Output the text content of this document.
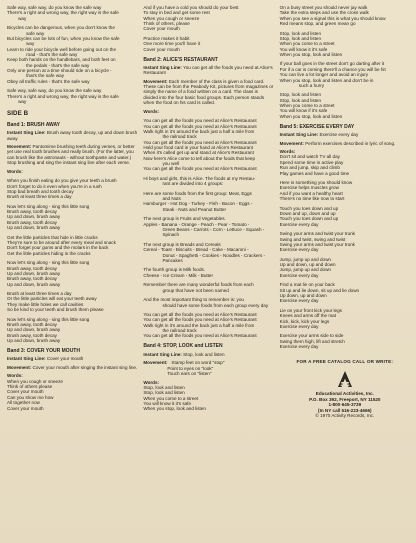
Safe way, safe way, do you know the safe way

There's a right and wrong way, the right way is the safe

way

Bicycles can be dangerous, when you don't know the

safe way

But bicycles can be lots of fun, when you know the safe

way

Learn to ride your bicycle well before going out on the

road - that's the safe way

Keep both hands on the handlebars, and both feet on

the pedals - that's the safe way

Only one person at a time should ride on a bicycle -

that's the safe way

Obey all traffic rules - that's the safe way

Safe way, safe way, do you know the safe way

There's a right and wrong way, the right way is the safe

way

SIDE B

Band 1: BRUSH AWAY

Instant Sing Line: Brush away tooth decay, up and down brush away

Movement: Pantomime brushing teeth during verses, or better yet use real tooth brushes and really brush. (For the latter, you can brush like the astronauts - without toothpaste and water.) Stop brushing and sing the instant sing line after each verse.

Words:

When you finish eating do you give your teeth a brush

Don't forget to do it even when you're in a rush

Stop bad breath and tooth decay

Brush at least three times a day

Now let's sing along - sing this little song

Brush away, tooth decay

Up and down, brush away

Brush away, tooth decay

Up and down, brush away

Get the little particles that hide in little cracks

They're sure to be around after every meal and snack

Don't forget your gums and the molars in the back

Get the little particles hiding in the cracks

Now let's sing along - sing this little song

Brush away, tooth decay

Up and down, brush away

Brush away, tooth decay

Up and down, brush away

Brush at least three times a day

Or the little particles will eat your teeth away

They make little holes we call cavities

So be kind to your teeth and brush them please

Now let's sing along - sing this little song

Brush away, tooth decay

Up and down, brush away

Brush away, tooth decay

Up and down, brush away

Band 3: COVER YOUR MOUTH

Instant Sing Line: Cover your mouth

Movement: Cover your mouth after singing the instant sing line.

Words:

When you cough or sneeze

Think of others please

Cover your mouth

Can you show me how

All together now

Cover your mouth

And if you have a cold you should do your best

To stay in bed and get some rest

When you cough or sneeze

Think of others, please

Cover your mouth

Practice makes it habit

One more time you'll have it

Cover your mouth

Band 2: ALICE'S RESTAURANT

Instant Sing Line: You can get all the foods you need at Alice's Restaurant

Movement: Each member of the class is given a food card. These can be from the Peabody Kit, pictures from magazines or simply the name of a food written on a card. The class is divided into the four basic food groups. Each person stands when the food on his card is called.

Words:

You can get all the foods you need at Alice's Restaurant

You can get all the foods you need at Alice's Restaurant

Walk right in it's around the back just a half a mile from

the railroad track

You can get all the foods you need at Alice's Restaurant

Hold your food card in your hand at Alice's Restaurant

When it's called get up and stand at Alice's Restaurant

Now here's Alice come to tell about the foods that keep

you well

You can get all the foods you need at Alice's Restaurant

Hi boys and girls, this is Alice. The foods at my Restau-

rant are divided into 4 groups:

Here are some foods from the first group: Meat, Eggs

and Nuts

Hamburger - Hot Dog - Turkey - Fish - Bacon - Eggs -

Steak - Nuts and Peanut Butter

The next group is Fruits and Vegetables.

Apples - Banana - Orange - Peach - Pear - Tomato -

Green Beans - Carrots - Corn - Lettuce - Squash -

Spinach

The next group is Breads and Cereals

Cereal - Toast - Biscuits - Bread - Cake - Macaroni -

Donut - Spaghetti - Cookies - Noodles - Crackers -

Pancakes

The fourth group is Milk foods.

Cheese - Ice Cream - Milk - Butter

Remember there are many wonderful foods from each

group that have not been named

And the most important thing to remember is: you

should have some foods from each group every day

You can get all the foods you need at Alice's Restaurant

You can get all the foods you need at Alice's Restaurant

Walk right in it's around the back just a half a mile from

the railroad track

You can get all the foods you need at Alice's Restaurant

Band 4: STOP, LOOK and LISTEN

Instant Sing Line: Stop, look and listen

Movement: Stamp feet on word "stop"

Point to eyes on "look"

Touch ears on "listen"

Words:

Stop, look and listen

Stop, look and listen

When you come to a street

You will know it it's safe

When you stop, look and listen

On a busy street you should never jay walk

Take the extra steps and use the cross walk

When you see a signal this is what you should know

Red means stop, and green mean go

Stop, look and listen

Stop, look and listen

When you come to a street

You will know it it's safe

When you stop, look and listen

If your ball goes in the street don't go darting after it

For if a car is coming there'll a chance you will be hit

You can live a lot longer and avoid an injury

When you stop, look and listen and don't be in

such a hurry

Stop, look and listen

Stop, look and listen

When you come to a street

You will know if it's safe

When you stop, look and listen

Band 5: EXERCISE EVERY DAY

Instant Sing Line: Exercise every day

Movement: Perform exercises described in lyric of song.

Words:

Don't sit and watch TV all day

Spend some time in active play

Run and jump, skip and climb

Play games and have a good time

Here is something you should know

Exercise helps muscles grow

And if you want a healthy heart

There's no time like now to start

Touch you toes down and up

Down and up, down and up

Touch you toes down and up

Exercise every day

Swing your arms and twist your trunk

Swing and twist, swing and twist

Swing your arms and twist your trunk

Exercise every day

Jump, jump up and down

Up and down, up and down

Jump, jump up and down

Exercise every day

Find a mat lie on your back

Sit up and lie down, sit up and lie down

Up down, up and down

Exercise every day

Lie on your front kick your legs

Knees and arms off the mat

Kick, kick, kick your legs

Exercise every day

Exercise your arms side to side

Swing them high, lift and stretch

Exercise every day

FOR A FREE CATALOG CALL OR WRITE:
Educational Activities, Inc.
P.O. Box 392, Freeport, NY 11520
1-800-645-3739
(In NY call 516-223-4666)
© 1970 Activity Records, Inc.
